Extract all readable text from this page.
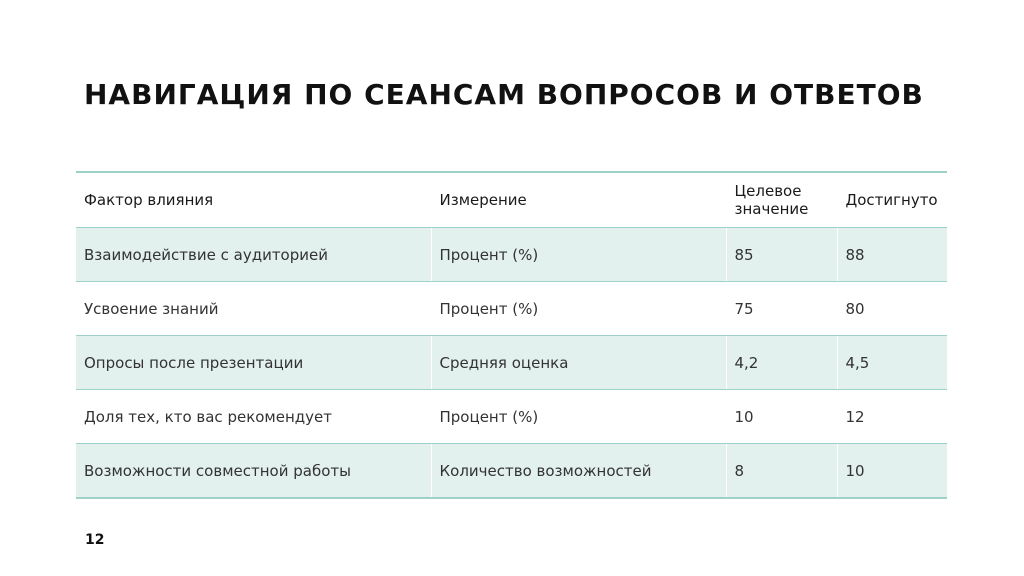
НАВИГАЦИЯ ПО СЕАНСАМ ВОПРОСОВ И ОТВЕТОВ
Фактор влияния	Измерение	Целевое значение	Достигнуто
Взаимодействие с аудиторией	Процент (%)	85	88
Усвоение знаний	Процент (%)	75	80
Опросы после презентации	Средняя оценка	4,2	4,5
Доля тех, кто вас рекомендует	Процент (%)	10	12
Возможности совместной работы	Количество возможностей	8	10
12
